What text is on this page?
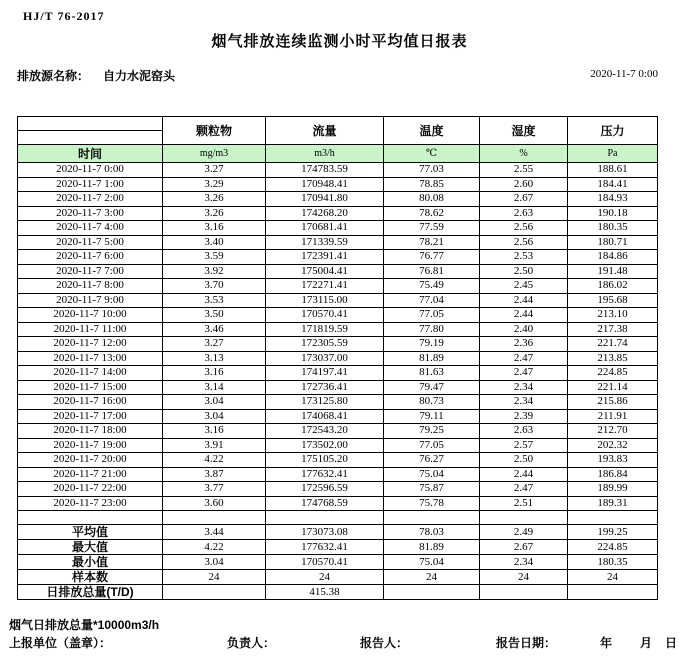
HJ/T 76-2017
烟气排放连续监测小时平均值日报表
排放源名称： 自力水泥窑头	2020-11-7 0:00
	颗粒物	流量	温度	湿度	压力

时间	mg/m3	m3/h	℃	%	Pa
2020-11-7 0:00	3.27	174783.59	77.03	2.55	188.61
2020-11-7 1:00	3.29	170948.41	78.85	2.60	184.41
2020-11-7 2:00	3.26	170941.80	80.08	2.67	184.93
2020-11-7 3:00	3.26	174268.20	78.62	2.63	190.18
2020-11-7 4:00	3.16	170681.41	77.59	2.56	180.35
2020-11-7 5:00	3.40	171339.59	78.21	2.56	180.71
2020-11-7 6:00	3.59	172391.41	76.77	2.53	184.86
2020-11-7 7:00	3.92	175004.41	76.81	2.50	191.48
2020-11-7 8:00	3.70	172271.41	75.49	2.45	186.02
2020-11-7 9:00	3.53	173115.00	77.04	2.44	195.68
2020-11-7 10:00	3.50	170570.41	77.05	2.44	213.10
2020-11-7 11:00	3.46	171819.59	77.80	2.40	217.38
2020-11-7 12:00	3.27	172305.59	79.19	2.36	221.74
2020-11-7 13:00	3.13	173037.00	81.89	2.47	213.85
2020-11-7 14:00	3.16	174197.41	81.63	2.47	224.85
2020-11-7 15:00	3.14	172736.41	79.47	2.34	221.14
2020-11-7 16:00	3.04	173125.80	80.73	2.34	215.86
2020-11-7 17:00	3.04	174068.41	79.11	2.39	211.91
2020-11-7 18:00	3.16	172543.20	79.25	2.63	212.70
2020-11-7 19:00	3.91	173502.00	77.05	2.57	202.32
2020-11-7 20:00	4.22	175105.20	76.27	2.50	193.83
2020-11-7 21:00	3.87	177632.41	75.04	2.44	186.84
2020-11-7 22:00	3.77	172596.59	75.87	2.47	189.99
2020-11-7 23:00	3.60	174768.59	75.78	2.51	189.31

平均值	3.44	173073.08	78.03	2.49	199.25
最大值	4.22	177632.41	81.89	2.67	224.85
最小值	3.04	170570.41	75.04	2.34	180.35
样本数	24	24	24	24	24
日排放总量(T/D)		415.38			
烟气日排放总量*10000m3/h
上报单位（盖章）：	负责人：	报告人：	报告日期：	年 月 日
